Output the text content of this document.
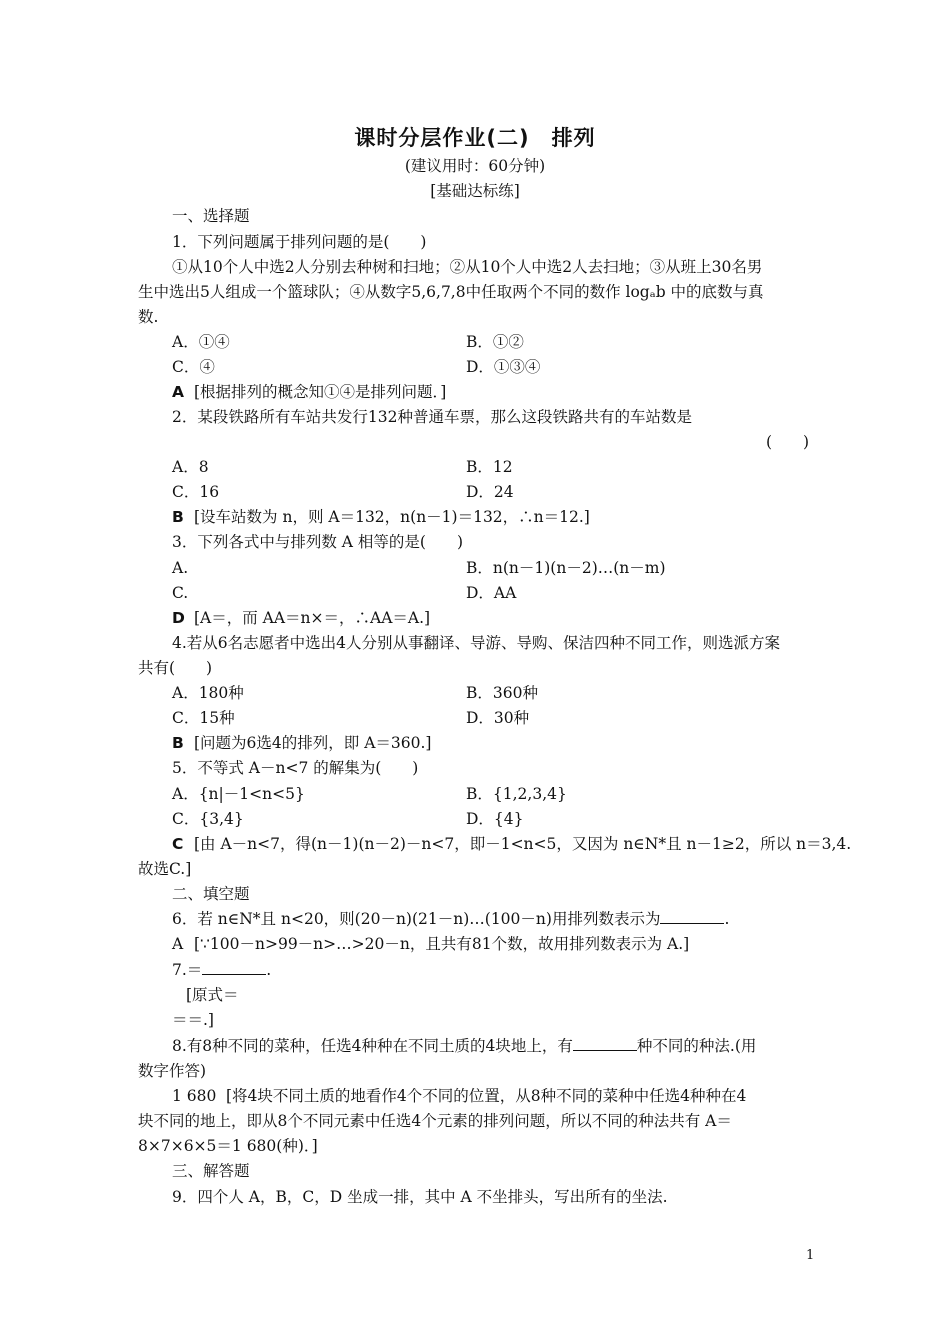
课时分层作业(二)　排列
(建议用时：60分钟)
[基础达标练]
一、选择题
1．下列问题属于排列问题的是(　　)
①从10个人中选2人分别去种树和扫地；②从10个人中选2人去扫地；③从班上30名男
生中选出5人组成一个篮球队；④从数字5,6,7,8中任取两个不同的数作 logₐb 中的底数与真
数.
A．①④	B．①②
C．④	D．①③④
A [根据排列的概念知①④是排列问题．]
2．某段铁路所有车站共发行132种普通车票，那么这段铁路共有的车站数是
(　　)
A．8	B．12
C．16	D．24
B [设车站数为 n，则 A＝132，n(n－1)＝132，∴n＝12.]
3．下列各式中与排列数 A 相等的是(　　)
A.	B．n(n－1)(n－2)…(n－m)
C.	D．AA
D [A＝，而 AA＝n×＝，∴AA＝A.]
4.若从6名志愿者中选出4人分别从事翻译、导游、导购、保洁四种不同工作，则选派方案
共有(　　)
A．180种	B．360种
C．15种	D．30种
B [问题为6选4的排列，即 A＝360.]
5．不等式 A－n<7 的解集为(　　)
A．{n|－1<n<5}	B．{1,2,3,4}
C．{3,4}	D．{4}
C [由 A－n<7，得(n－1)(n－2)－n<7，即－1<n<5，又因为 n∈N*且 n－1≥2，所以 n＝3,4.
故选C.]
二、填空题
6．若 n∈N*且 n<20，则(20－n)(21－n)…(100－n)用排列数表示为	.
A [∵100－n>99－n>…>20－n，且共有81个数，故用排列数表示为 A.]
7.＝	.
[原式＝
＝＝.]
8.有8种不同的菜种，任选4种种在不同土质的4块地上，有	种不同的种法.(用
数字作答)
1 680 [将4块不同土质的地看作4个不同的位置，从8种不同的菜种中任选4种种在4
块不同的地上，即从8个不同元素中任选4个元素的排列问题，所以不同的种法共有 A＝
8×7×6×5＝1 680(种)．]
三、解答题
9．四个人 A，B，C，D 坐成一排，其中 A 不坐排头，写出所有的坐法.
1
